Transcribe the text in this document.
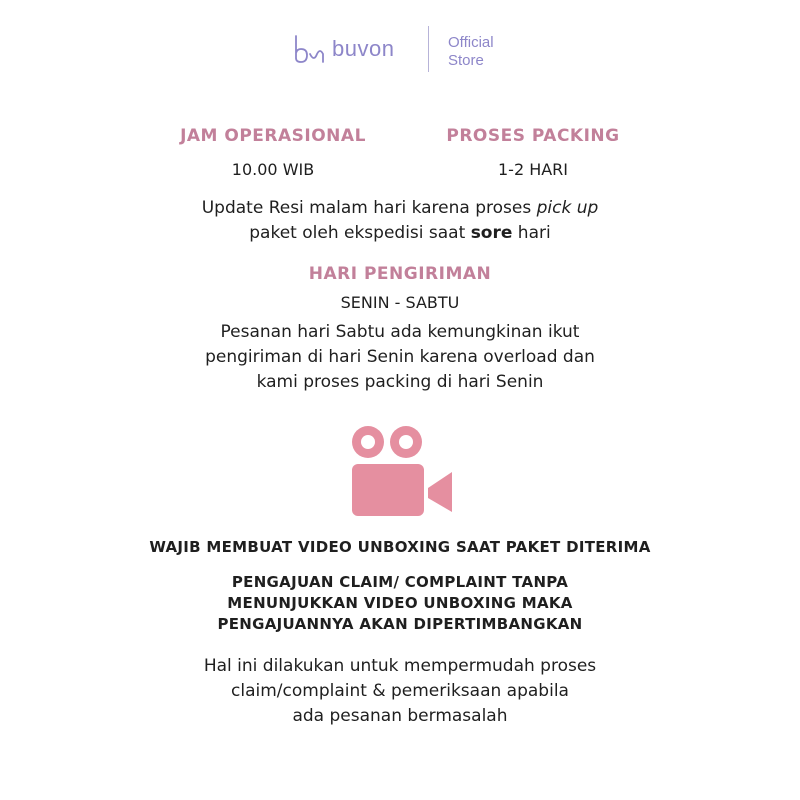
buvon	Official
Store
JAM OPERASIONAL
10.00 WIB
PROSES PACKING
1-2 HARI
Update Resi malam hari karena proses pick up
paket oleh ekspedisi saat sore hari
HARI PENGIRIMAN
SENIN - SABTU
Pesanan hari Sabtu ada kemungkinan ikut
pengiriman di hari Senin karena overload dan
kami proses packing di hari Senin
WAJIB MEMBUAT VIDEO UNBOXING SAAT PAKET DITERIMA
PENGAJUAN CLAIM/ COMPLAINT TANPA
MENUNJUKKAN VIDEO UNBOXING MAKA
PENGAJUANNYA AKAN DIPERTIMBANGKAN
Hal ini dilakukan untuk mempermudah proses
claim/complaint & pemeriksaan apabila
ada pesanan bermasalah
